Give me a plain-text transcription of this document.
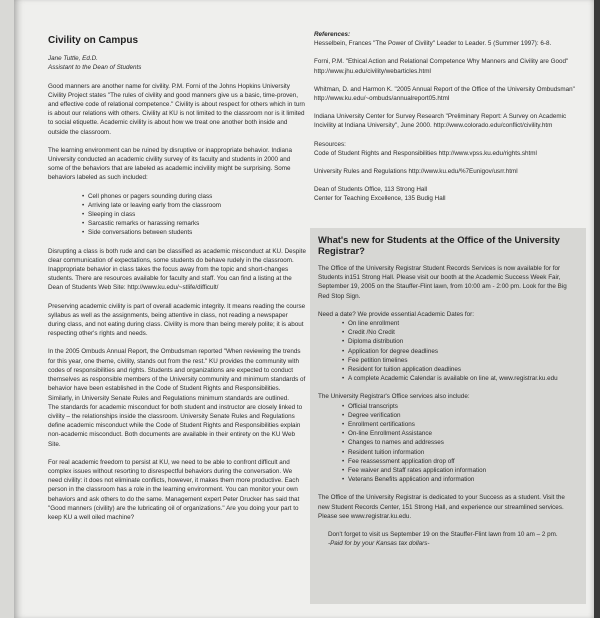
Civility on Campus

Jane Tuttle, Ed.D.

Assistant to the Dean of Students

Good manners are another name for civility. P.M. Forni of the Johns Hopkins University Civility Project states "The rules of civility and good manners give us a basic, time-proven, and effective code of relational competence." Civility is about respect for others which in turn is about our relations with others. Civility at KU is not limited to the classroom nor is it limited to social etiquette. Academic civility is about how we treat one another both inside and outside the classroom.

The learning environment can be ruined by disruptive or inappropriate behavior. Indiana University conducted an academic civility survey of its faculty and students in 2000 and some of the behaviors that are labeled as academic incivility might be surprising. Some behaviors labeled as such included:

• Cell phones or pagers sounding during class
• Arriving late or leaving early from the classroom
• Sleeping in class
• Sarcastic remarks or harassing remarks
• Side conversations between students

Disrupting a class is both rude and can be classified as academic misconduct at KU. Despite clear communication of expectations, some students do behave rudely in the classroom. Inappropriate behavior in class takes the focus away from the topic and short-changes students. There are resources available for faculty and staff. You can find a listing at the Dean of Students Web Site: http://www.ku.edu/~stlife/difficult/

Preserving academic civility is part of overall academic integrity. It means reading the course syllabus as well as the assignments, being attentive in class, not reading a newspaper during class, and not eating during class. Civility is more than being merely polite; it is about respecting other's rights and needs.

In the 2005 Ombuds Annual Report, the Ombudsman reported "When reviewing the trends for this year, one theme, civility, stands out from the rest." KU provides the community with codes of responsibilities and rights. Students and organizations are expected to conduct themselves as responsible members of the University community and minimum standards of behavior have been established in the Code of Student Rights and Responsibilities. Similarly, in University Senate Rules and Regulations minimum standards are outlined.

The standards for academic misconduct for both student and instructor are closely linked to civility – the relationships inside the classroom. University Senate Rules and Regulations define academic misconduct while the Code of Student Rights and Responsibilities explain non-academic misconduct. Both documents are available in their entirety on the KU Web Site.

For real academic freedom to persist at KU, we need to be able to confront difficult and complex issues without resorting to disrespectful behaviors during the conversation. We need civility: it does not eliminate conflicts, however, it makes them more productive. Each person in the classroom has a role in the learning environment. You can monitor your own behaviors and ask others to do the same. Management expert Peter Drucker has said that "Good manners (civility) are the lubricating oil of organizations." Are you doing your part to keep KU a well oiled machine?

References:

Hesselbein, Frances "The Power of Civility" Leader to Leader. 5 (Summer 1997): 6-8.

Forni, P.M. "Ethical Action and Relational Competence Why Manners and Civility are Good" http://www.jhu.edu/civility/webarticles.html

Whitman, D. and Harmon K. "2005 Annual Report of the Office of the University Ombudsman" http://www.ku.edu/~ombuds/annualreport05.html

Indiana University Center for Survey Research "Preliminary Report: A Survey on Academic Incivility at Indiana University", June 2000. http://www.colorado.edu/conflict/civility.htm

Resources:

Code of Student Rights and Responsibilities http://www.vpss.ku.edu/rights.shtml

University Rules and Regulations http://www.ku.edu/%7Eunigov/usrr.html

Dean of Students Office, 113 Strong Hall

Center for Teaching Excellence, 135 Budig Hall

What's new for Students at the Office of the University Registrar?

The Office of the University Registrar Student Records Services is now available for for Students in151 Strong Hall. Please visit our booth at the Academic Success Week Fair, September 19, 2005 on the Stauffer-Flint lawn, from 10:00 am - 2:00 pm. Look for the Big Red Stop Sign.

Need a date? We provide essential Academic Dates for:

• On line enrollment
• Credit /No Credit
• Diploma distribution
• Application for degree deadlines
• Fee petition timelines
• Resident for tuition application deadlines
• A complete Academic Calendar is available on line at, www.registrar.ku.edu

The University Registrar's Office services also include:

• Official transcripts
• Degree verification
• Enrollment certifications
• On-line Enrollment Assistance
• Changes to names and addresses
• Resident tuition information
• Fee reassessment application drop off
• Fee waiver and Staff rates application information
• Veterans Benefits application and information

The Office of the University Registrar is dedicated to your Success as a student. Visit the new Student Records Center, 151 Strong Hall, and experience our streamlined services. Please see www.registrar.ku.edu.

Don't forget to visit us September 19 on the Stauffer-Flint lawn from 10 am – 2 pm.

-Paid for by your Kansas tax dollars-
